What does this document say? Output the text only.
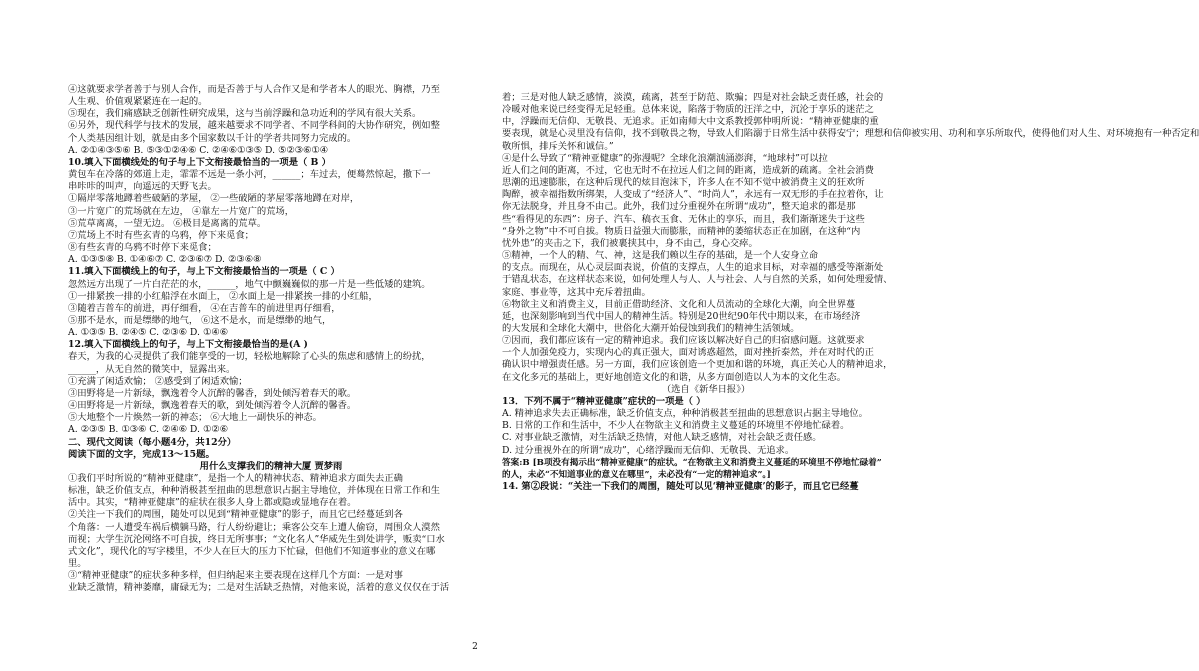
④这就要求学者善于与别人合作，而是否善于与人合作又是和学者本人的眼光、胸襟，乃至
人生观、价值观紧紧连在一起的。
⑤现在，我们痛感缺乏创新性研究成果，这与当前浮躁和急功近利的学风有很大关系。
⑥另外，现代科学与技术的发展，越来越要求不同学者、不同学科间的大协作研究，例如整
个人类基因组计划，就是由多个国家数以千计的学者共同努力完成的。
A. ②①④③⑤⑥ B. ⑤③①②④⑥ C. ②④⑥①③⑤ D. ⑤②③⑥①④
10.填入下面横线处的句子与上下文衔接最恰当的一项是（ B ）
黄包车在冷落的郊道上走，霏霏不远是一条小河，______；车过去，便蓦然惊起，撒下一
串咔咔的叫声，向遥远的天野飞去。
①隔岸零落地蹲着些破陋的茅屋， ②一些破陋的茅屋零落地蹲在对岸，
③一片宽广的荒场就在左边， ④靠左一片宽广的荒场，
⑤荒草离离，一望无边。 ⑥极目是离离的荒草。
⑦荒场上不时有些玄青的乌鸦，停下来觅食；
⑧有些玄青的乌鸦不时停下来觅食；
A. ①③⑤⑧ B. ①④⑥⑦ C. ②③⑥⑦ D. ②③⑥⑧
11.填入下面横线上的句子，与上下文衔接最恰当的一项是（ C ）
忽然远方出现了一片白茫茫的水，______，地气中颤巍巍似的那一片是一些低矮的建筑。
①一排紧挨一排的小红船浮在水面上， ②水面上是一排紧挨一排的小红船，
③随着吉普车的前进，再仔细看， ④在吉普车的前进里再仔细看，
⑤那不是水，而是缥缈的地气， ⑥这不是水，而是缥缈的地气，
A. ①③⑤ B. ②④⑤ C. ②③⑥ D. ①④⑥
12.填入下面横线上的句子，与上下文衔接最恰当的是(A )
春天，为我的心灵提供了我们能享受的一切，轻松地解除了心头的焦虑和感情上的纷扰，
______，从无自然的微笑中，显露出来。
①充满了闲适欢愉； ②感受到了闲适欢愉；
③田野将是一片新绿，飘逸着令人沉醉的馨香，到处倾泻着春天的歌。
④田野将是一片新绿，飘逸着春天的歌，到处倾泻着令人沉醉的馨香。
⑤大地整个一片焕然一新的神态； ⑥大地上一副快乐的神态。
A. ②③⑤ B. ①③⑥ C. ②④⑥ D. ①②⑥
二、现代文阅读（每小题4分，共12分）
阅读下面的文字，完成13～15题。
用什么支撑我们的精神大厦 贾梦雨
①我们平时所说的“精神亚健康”，是指一个人的精神状态、精神追求方面失去正确
标准，缺乏价值支点，种种消极甚至扭曲的思想意识占据主导地位，并体现在日常工作和生
活中。其实，“精神亚健康”的症状在很多人身上都或隐或显地存在着。
②关注一下我们的周围，随处可以见到“精神亚健康”的影子，而且它已经蔓延到各
个角落：一人遭受车祸后横躺马路，行人纷纷避让；乘客公交车上遭人偷窃，周围众人漠然
而视；大学生沉沦网络不可自拔，终日无所事事；“文化名人”华威先生到处讲学，贩卖“口水
式文化”，现代化的写字楼里，不少人在巨大的压力下忙碌，但他们不知道事业的意义在哪
里。
③“精神亚健康”的症状多种多样，但归纳起来主要表现在这样几个方面：一是对事
业缺乏激情，精神萎靡，庸碌无为；二是对生活缺乏热情，对他来说，活着的意义仅仅在于活
着；三是对他人缺乏感情，淡漠，疏离，甚至于防范、欺骗；四是对社会缺乏责任感，社会的
冷暖对他来说已经变得无足轻重。总体来说，陷落于物质的汪洋之中，沉沦于享乐的迷茫之
中，浮躁而无信仰、无敬畏、无追求。正如南师大中文系教授郭仲明所说：“精神亚健康的重
要表现，就是心灵里没有信仰，找不到敬畏之物，导致人们陷溺于日常生活中获得安宁；理想和信仰被实用、功利和享乐所取代，使得他们对人生、对环境抱有一种否定和
敬所惧，排斥关怀和诚信。”
④是什么导致了“精神亚健康”的弥漫呢？全球化浪潮汹涌澎湃，“地球村”可以拉
近人们之间的距离，不过，它也无时不在拉远人们之间的距离，造成新的疏离。全社会消费
思潮的迅速膨胀，在这种后现代的炫目泡沫下，许多人在不知不觉中被消费主义的狂欢所
陶醉，被幸福指数所绑架，人变成了“经济人”、“时尚人”，永远有一双无形的手在拉着你，让
你无法脱身，并且身不由己。此外，我们过分重视外在所谓“成功”，整天追求的都是那
些“看得见的东西”：房子、汽车、稿衣玉食、无休止的享乐，而且，我们渐渐迷失于这些
“身外之物”中不可自拔。物质日益强大而膨胀，而精神的萎缩状态正在加剧，在这种“内
忧外患”的夹击之下，我们被裹挟其中，身不由己，身心交瘁。
⑤精神，一个人的精、气、神，这是我们赖以生存的基础，是一个人安身立命
的支点。而现在，从心灵层面表说，价值的支撑点，人生的追求目标，对幸福的感受等渐渐处
于错乱状态，在这样状态来说，如何处理人与人、人与社会、人与自然的关系，如何处理爱情、
家庭、事业等，这其中充斥着扭曲。
⑥物欲主义和消费主义，目前正借助经济、文化和人员流动的全球化大潮，向全世界蔓
延，也深刻影响到当代中国人的精神生活。特别是20世纪90年代中期以来，在市场经济
的大发展和全球化大潮中，世俗化大潮开始侵蚀到我们的精神生活领域。
⑦因而，我们都应该有一定的精神追求。我们应该以解决好自己的归宿感问题。这就要求
一个人加强免疫力，实现内心的真正强大，面对诱惑超然，面对挫折泰然，并在对时代的正
确认识中增强责任感。另一方面，我们应该创造一个更加和谐的环境，真正关心人的精神追求，
在文化多元的基础上，更好地创造文化的和谐，从多方面创造以人为本的文化生态。
（选自《新华日报》）
13．下列不属于“精神亚健康”症状的一项是（ ）
A. 精神追求失去正确标准，缺乏价值支点，种种消极甚至扭曲的思想意识占据主导地位。
B. 日常的工作和生活中，不少人在物欲主义和消费主义蔓延的环境里不停地忙碌着。
C. 对事业缺乏激情，对生活缺乏热情，对他人缺乏感情，对社会缺乏责任感。
D. 过分重视外在的所谓“成功”，心绪浮躁而无信仰、无敬畏、无追求。
答案:B [B项没有揭示出“精神亚健康”的症状。“在物欲主义和消费主义蔓延的环境里不停地忙碌着”
的人，未必“不知道事业的意义在哪里”，未必没有“一定的精神追求”。]
14. 第②段说：“关注一下我们的周围，随处可以见‘精神亚健康’的影子，而且它已经蔓
2
